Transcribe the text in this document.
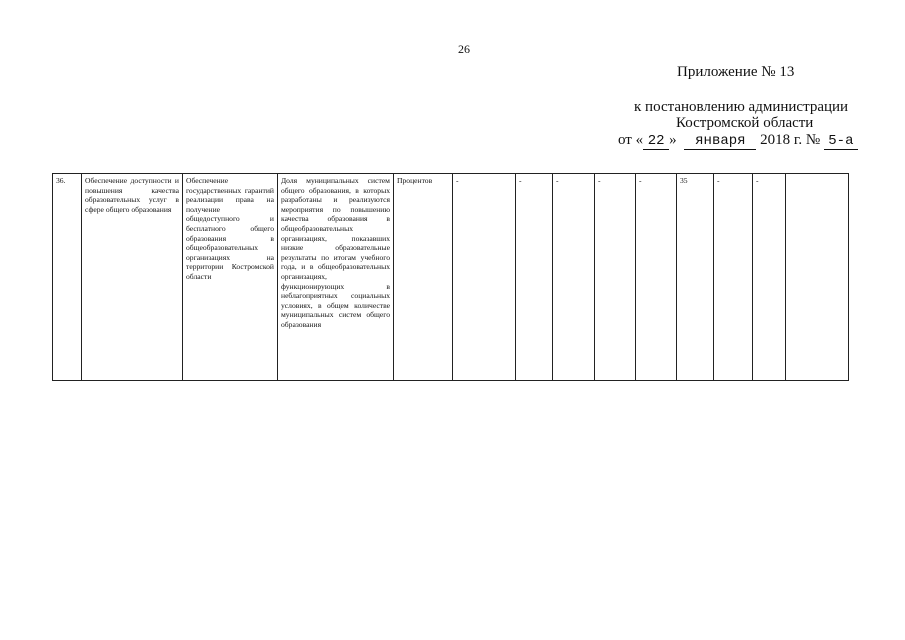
26
Приложение № 13
к постановлению администрации
Костромской области
от « 22 » января 2018 г. № 5-а
36.	Обеспечение доступности и повышения качества образовательных услуг в сфере общего образования	Обеспечение государственных гарантий реализации права на получение общедоступного и бесплатного общего образования в общеобразовательных организациях на территории Костромской области	Доля муниципальных систем общего образования, в которых разработаны и реализуются мероприятия по повышению качества образования в общеобразовательных организациях, показавших низкие образовательные результаты по итогам учебного года, и в общеобразовательных организациях, функционирующих в неблагоприятных социальных условиях, в общем количестве муниципальных систем общего образования	Процентов	-	-	-	-	-	35	-	-	
